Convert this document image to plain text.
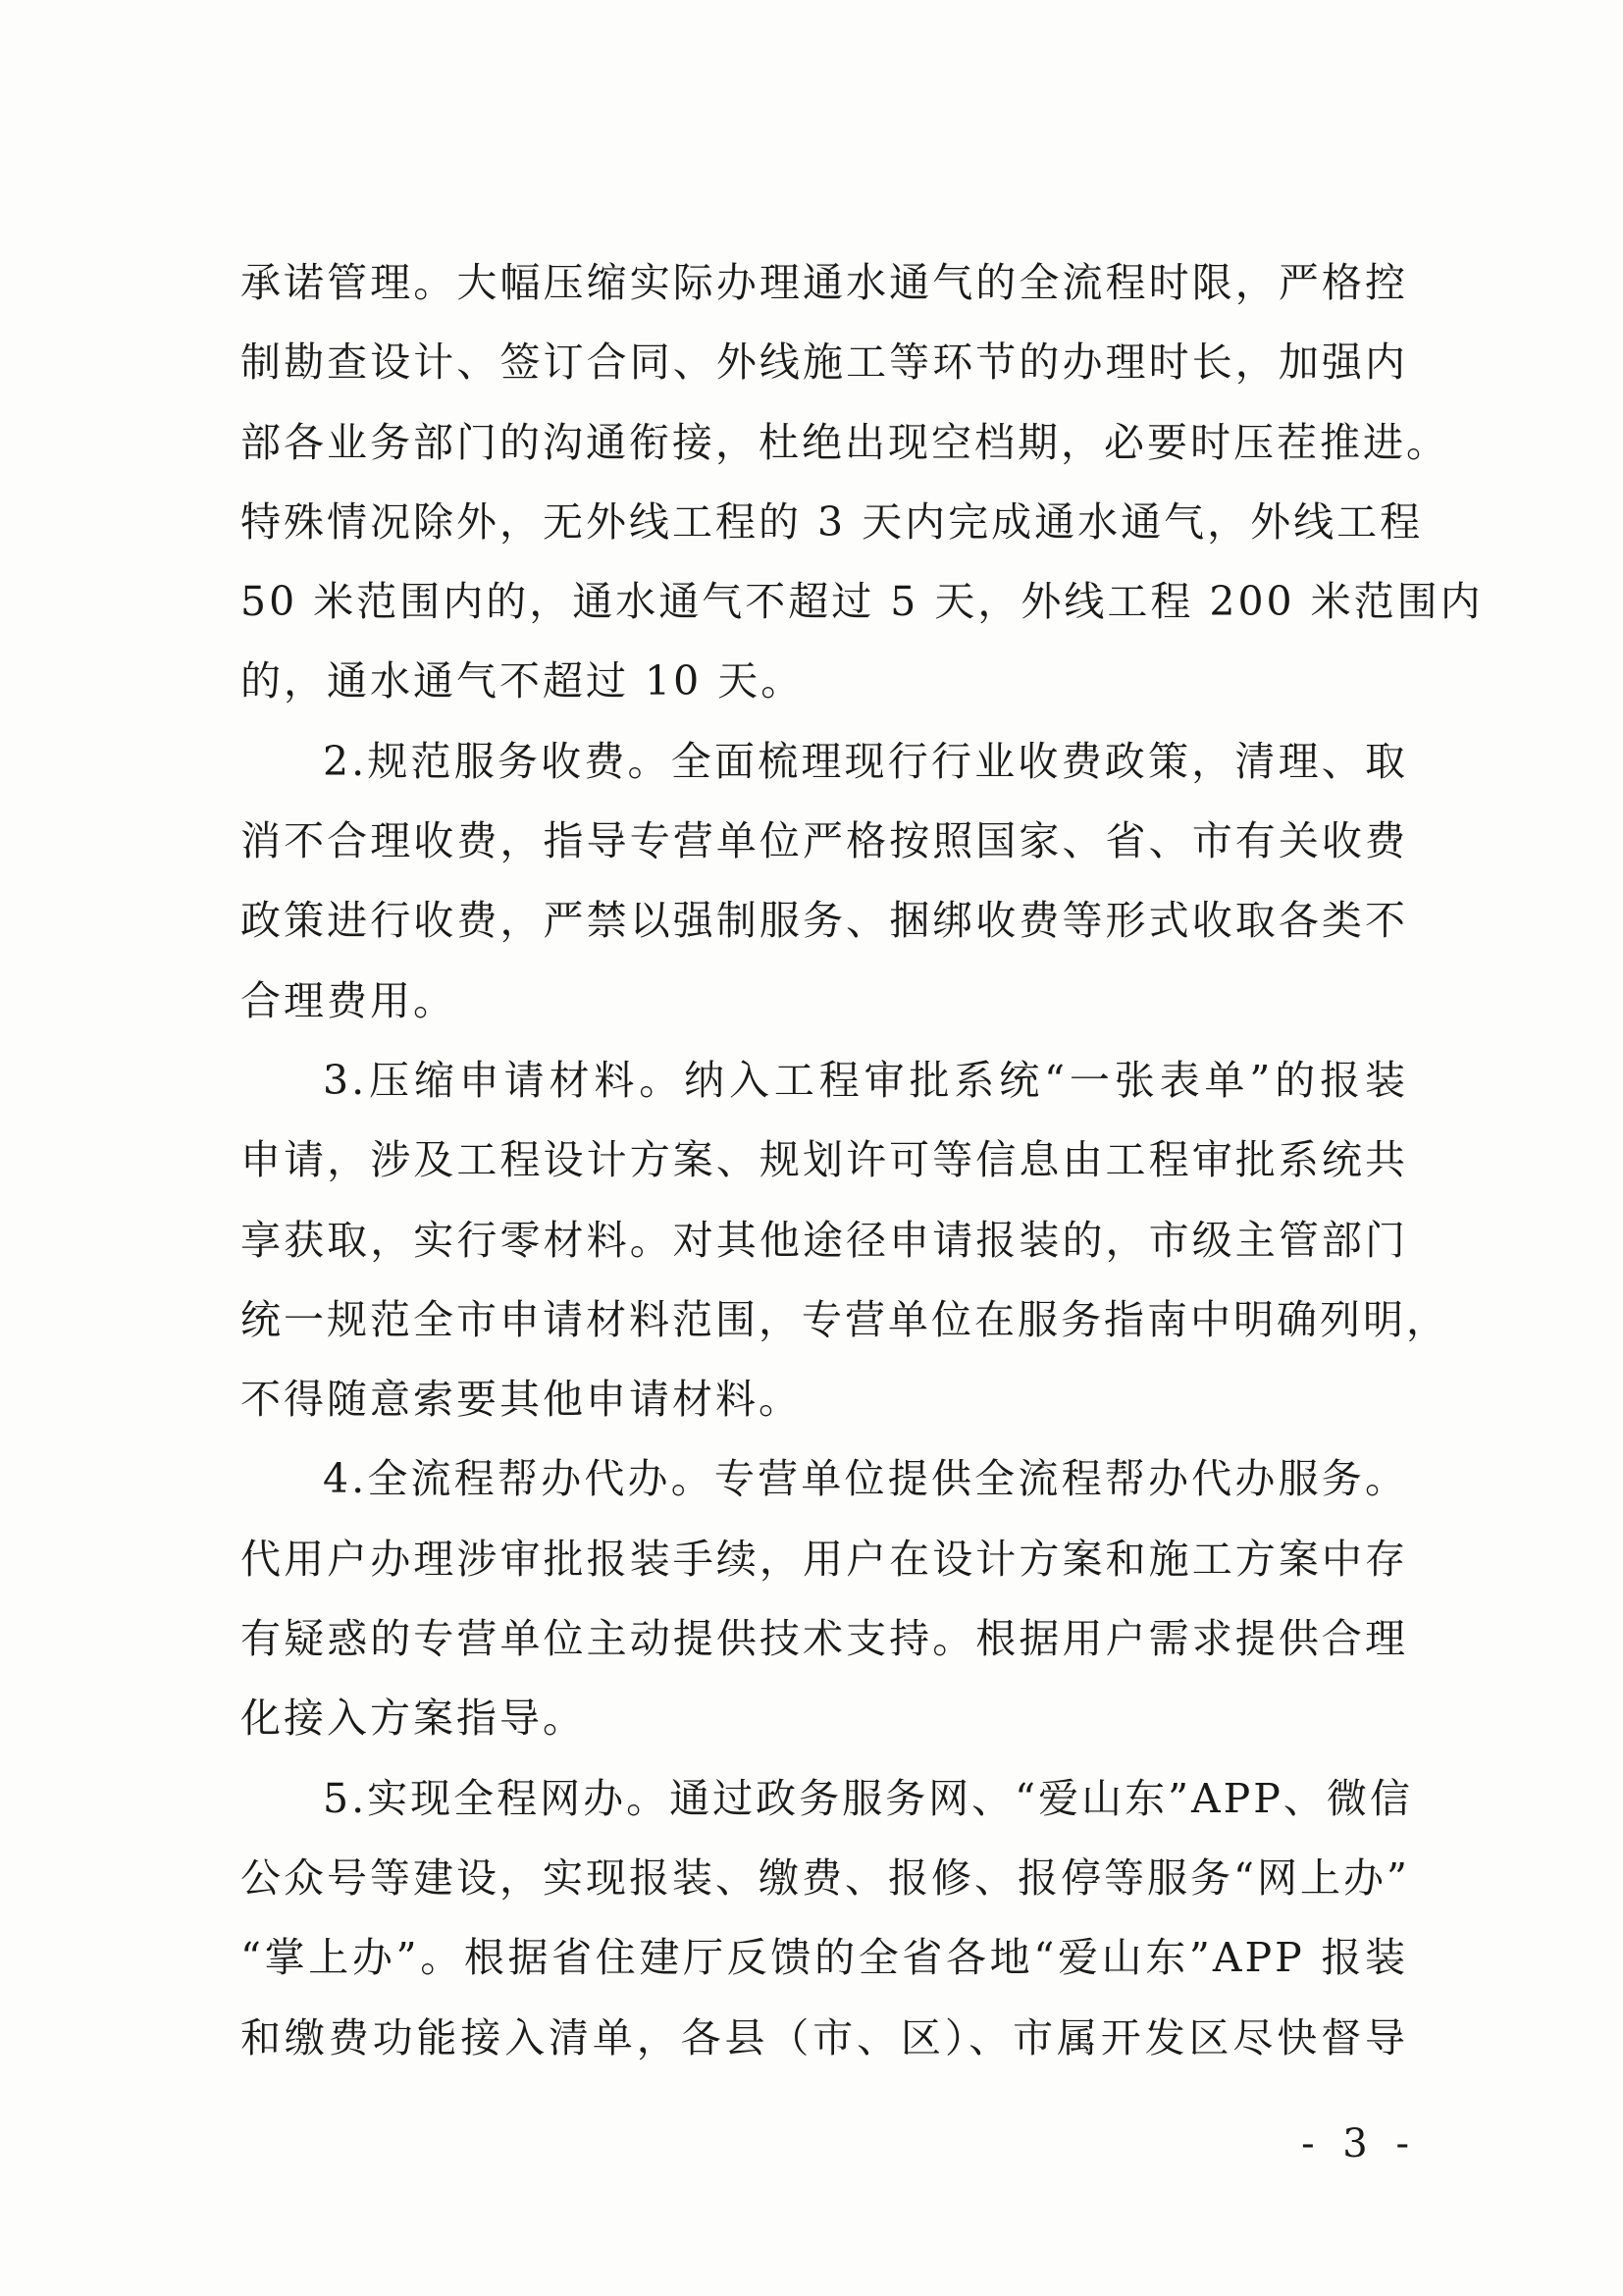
承诺管理。大幅压缩实际办理通水通气的全流程时限，严格控
制勘查设计、签订合同、外线施工等环节的办理时长，加强内
部各业务部门的沟通衔接，杜绝出现空档期，必要时压茬推进。
特殊情况除外，无外线工程的 3 天内完成通水通气，外线工程
50 米范围内的，通水通气不超过 5 天，外线工程 200 米范围内
的，通水通气不超过 10 天。
2.规范服务收费。全面梳理现行行业收费政策，清理、取
消不合理收费，指导专营单位严格按照国家、省、市有关收费
政策进行收费，严禁以强制服务、捆绑收费等形式收取各类不
合理费用。
3.压缩申请材料。纳入工程审批系统“一张表单”的报装
申请，涉及工程设计方案、规划许可等信息由工程审批系统共
享获取，实行零材料。对其他途径申请报装的，市级主管部门
统一规范全市申请材料范围，专营单位在服务指南中明确列明，
不得随意索要其他申请材料。
4.全流程帮办代办。专营单位提供全流程帮办代办服务。
代用户办理涉审批报装手续，用户在设计方案和施工方案中存
有疑惑的专营单位主动提供技术支持。根据用户需求提供合理
化接入方案指导。
5.实现全程网办。通过政务服务网、“爱山东”APP、微信
公众号等建设，实现报装、缴费、报修、报停等服务“网上办”
“掌上办”。根据省住建厅反馈的全省各地“爱山东”APP 报装
和缴费功能接入清单，各县（市、区）、市属开发区尽快督导
- 3 -
